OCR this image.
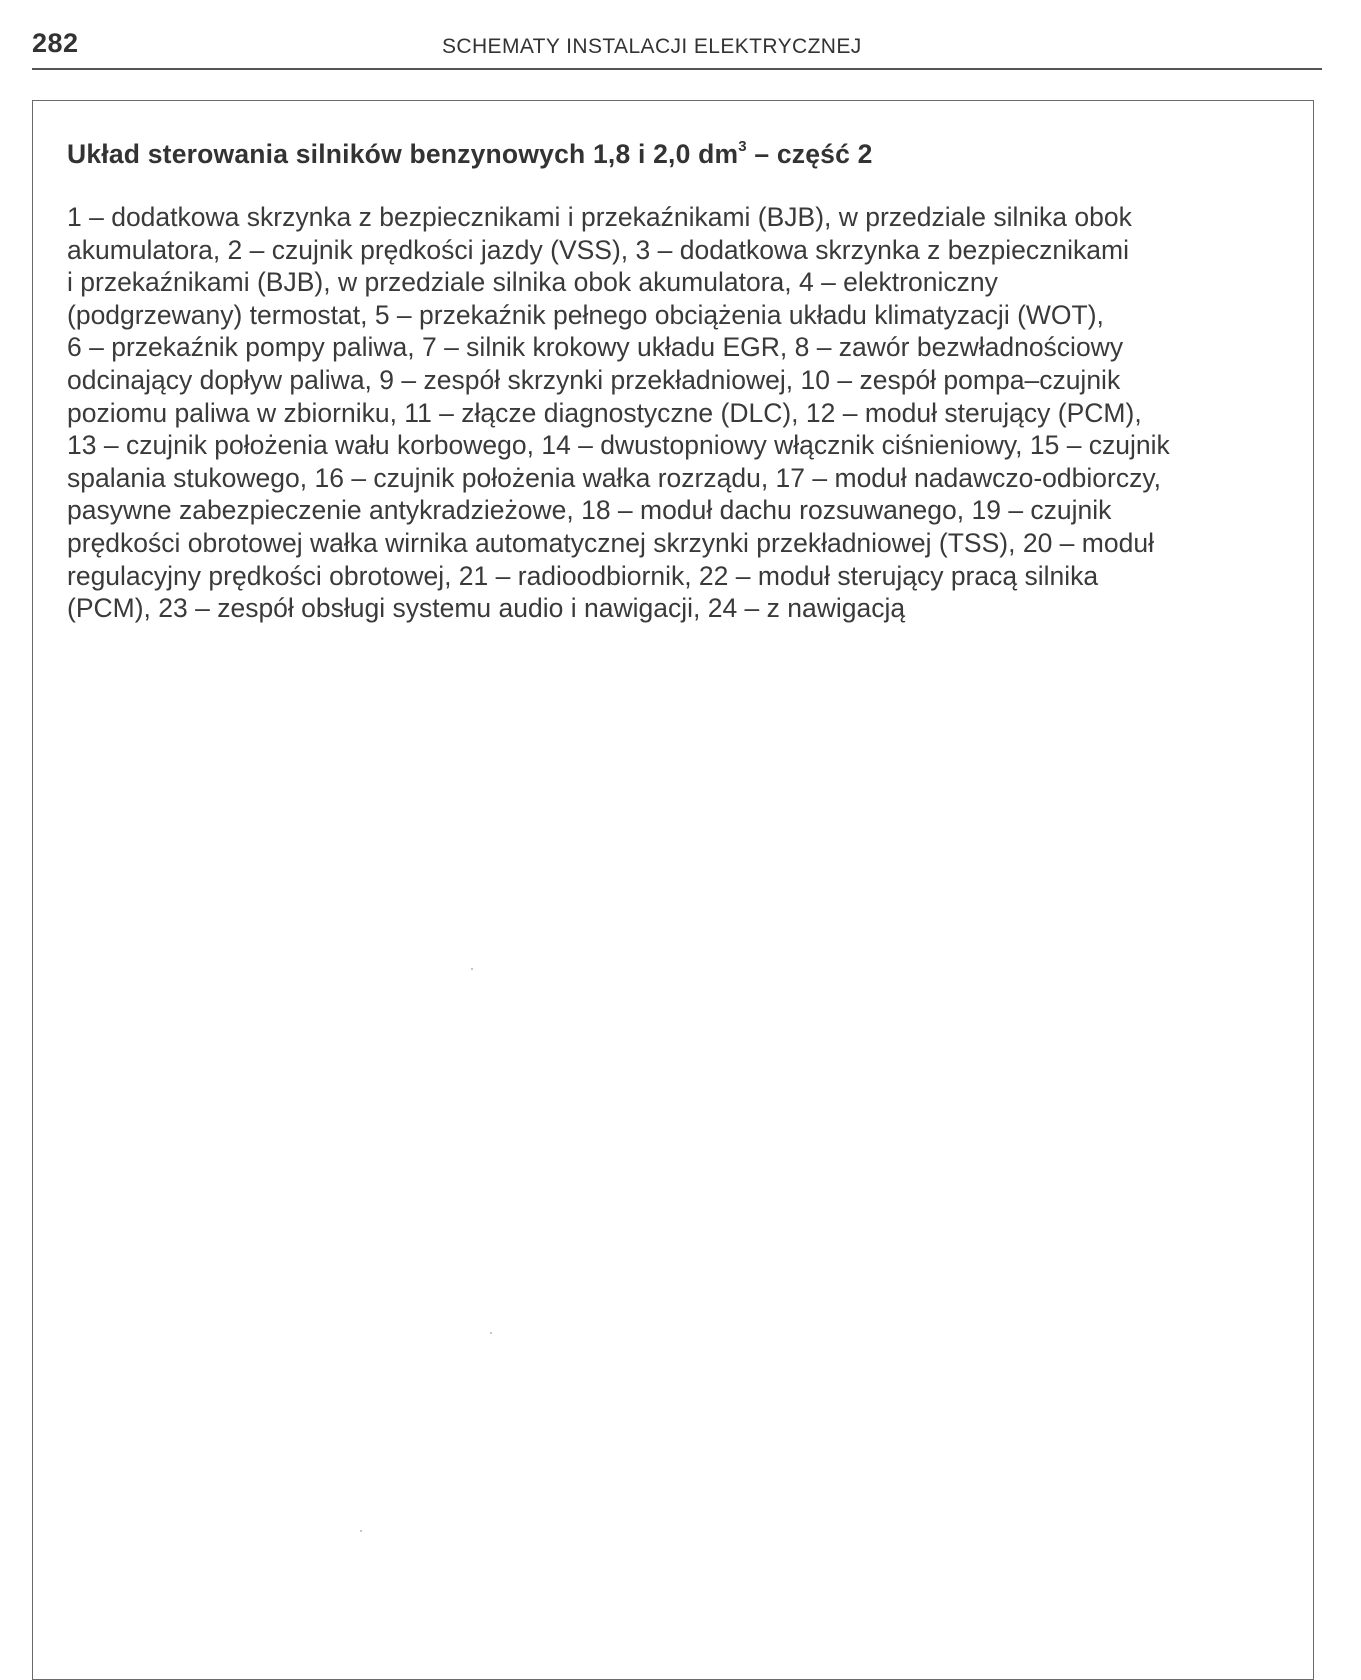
282	SCHEMATY INSTALACJI ELEKTRYCZNEJ
Układ sterowania silników benzynowych 1,8 i 2,0 $dm^3$ – część 2
1 – dodatkowa skrzynka z bezpiecznikami i przekaźnikami (BJB), w przedziale silnika obok
akumulatora, 2 – czujnik prędkości jazdy (VSS), 3 – dodatkowa skrzynka z bezpiecznikami
i przekaźnikami (BJB), w przedziale silnika obok akumulatora, 4 – elektroniczny
(podgrzewany) termostat, 5 – przekaźnik pełnego obciążenia układu klimatyzacji (WOT),
6 – przekaźnik pompy paliwa, 7 – silnik krokowy układu EGR, 8 – zawór bezwładnościowy
odcinający dopływ paliwa, 9 – zespół skrzynki przekładniowej, 10 – zespół pompa–czujnik
poziomu paliwa w zbiorniku, 11 – złącze diagnostyczne (DLC), 12 – moduł sterujący (PCM),
13 – czujnik położenia wału korbowego, 14 – dwustopniowy włącznik ciśnieniowy, 15 – czujnik
spalania stukowego, 16 – czujnik położenia wałka rozrządu, 17 – moduł nadawczo-odbiorczy,
pasywne zabezpieczenie antykradzieżowe, 18 – moduł dachu rozsuwanego, 19 – czujnik
prędkości obrotowej wałka wirnika automatycznej skrzynki przekładniowej (TSS), 20 – moduł
regulacyjny prędkości obrotowej, 21 – radioodbiornik, 22 – moduł sterujący pracą silnika
(PCM), 23 – zespół obsługi systemu audio i nawigacji, 24 – z nawigacją
